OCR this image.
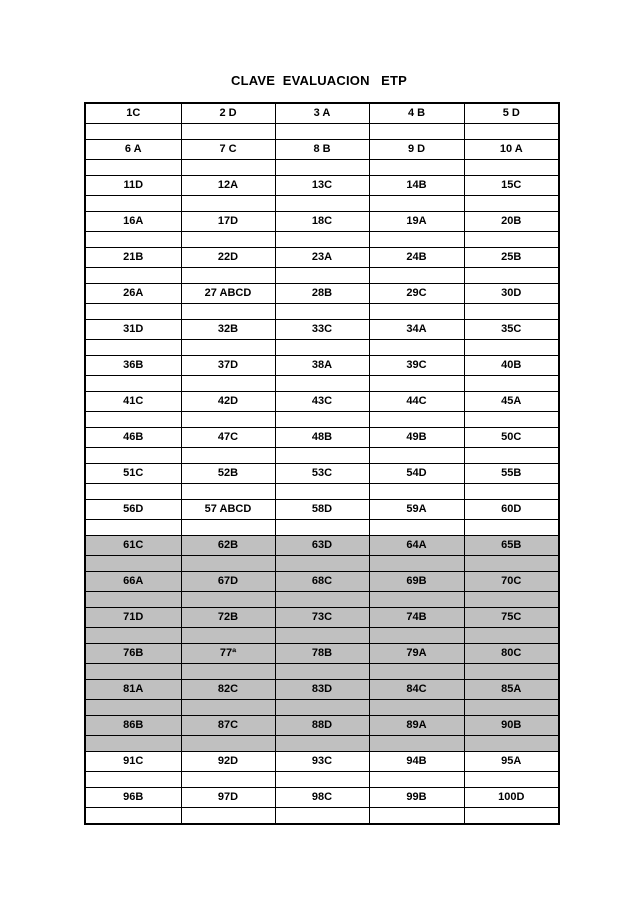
CLAVE  EVALUACION   ETP
1C	2 D	3 A	4 B	5 D

6 A	7 C	8 B	9 D	10 A

11D	12A	13C	14B	15C

16A	17D	18C	19A	20B

21B	22D	23A	24B	25B

26A	27 ABCD	28B	29C	30D

31D	32B	33C	34A	35C

36B	37D	38A	39C	40B

41C	42D	43C	44C	45A

46B	47C	48B	49B	50C

51C	52B	53C	54D	55B

56D	57 ABCD	58D	59A	60D

61C	62B	63D	64A	65B

66A	67D	68C	69B	70C

71D	72B	73C	74B	75C

76B	77ª	78B	79A	80C

81A	82C	83D	84C	85A

86B	87C	88D	89A	90B

91C	92D	93C	94B	95A

96B	97D	98C	99B	100D
